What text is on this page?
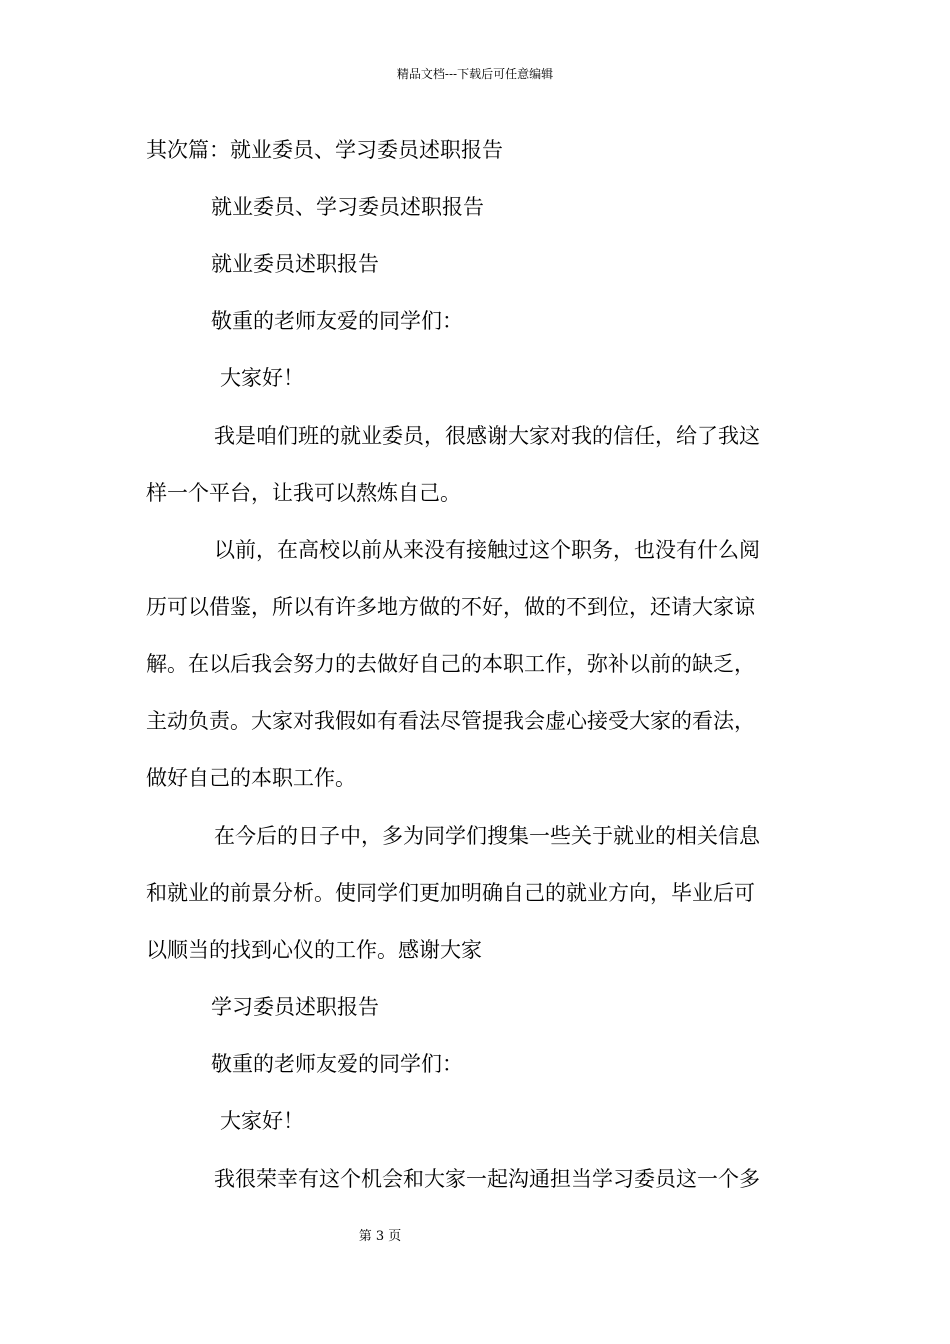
精品文档---下载后可任意编辑
其次篇：就业委员、学习委员述职报告
就业委员、学习委员述职报告
就业委员述职报告
敬重的老师友爱的同学们：
大家好！
我是咱们班的就业委员，很感谢大家对我的信任，给了我这
样一个平台，让我可以熬炼自己。
以前，在高校以前从来没有接触过这个职务，也没有什么阅
历可以借鉴，所以有许多地方做的不好，做的不到位，还请大家谅
解。在以后我会努力的去做好自己的本职工作，弥补以前的缺乏，
主动负责。大家对我假如有看法尽管提我会虚心接受大家的看法，
做好自己的本职工作。
在今后的日子中，多为同学们搜集一些关于就业的相关信息
和就业的前景分析。使同学们更加明确自己的就业方向，毕业后可
以顺当的找到心仪的工作。感谢大家
学习委员述职报告
敬重的老师友爱的同学们：
大家好！
我很荣幸有这个机会和大家一起沟通担当学习委员这一个多
第 3 页
